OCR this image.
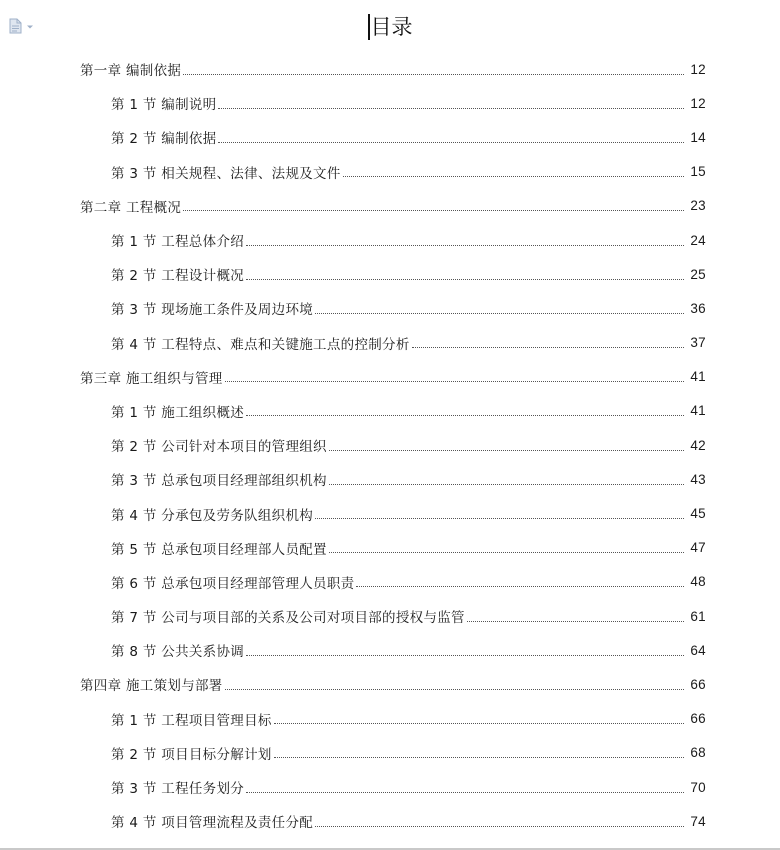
目录
第一章 编制依据	12
第 1 节 编制说明	12
第 2 节 编制依据	14
第 3 节 相关规程、法律、法规及文件	15
第二章 工程概况	23
第 1 节 工程总体介绍	24
第 2 节 工程设计概况	25
第 3 节 现场施工条件及周边环境	36
第 4 节 工程特点、难点和关键施工点的控制分析	37
第三章 施工组织与管理	41
第 1 节 施工组织概述	41
第 2 节 公司针对本项目的管理组织	42
第 3 节 总承包项目经理部组织机构	43
第 4 节 分承包及劳务队组织机构	45
第 5 节 总承包项目经理部人员配置	47
第 6 节 总承包项目经理部管理人员职责	48
第 7 节 公司与项目部的关系及公司对项目部的授权与监管	61
第 8 节 公共关系协调	64
第四章 施工策划与部署	66
第 1 节 工程项目管理目标	66
第 2 节 项目目标分解计划	68
第 3 节 工程任务划分	70
第 4 节 项目管理流程及责任分配	74
